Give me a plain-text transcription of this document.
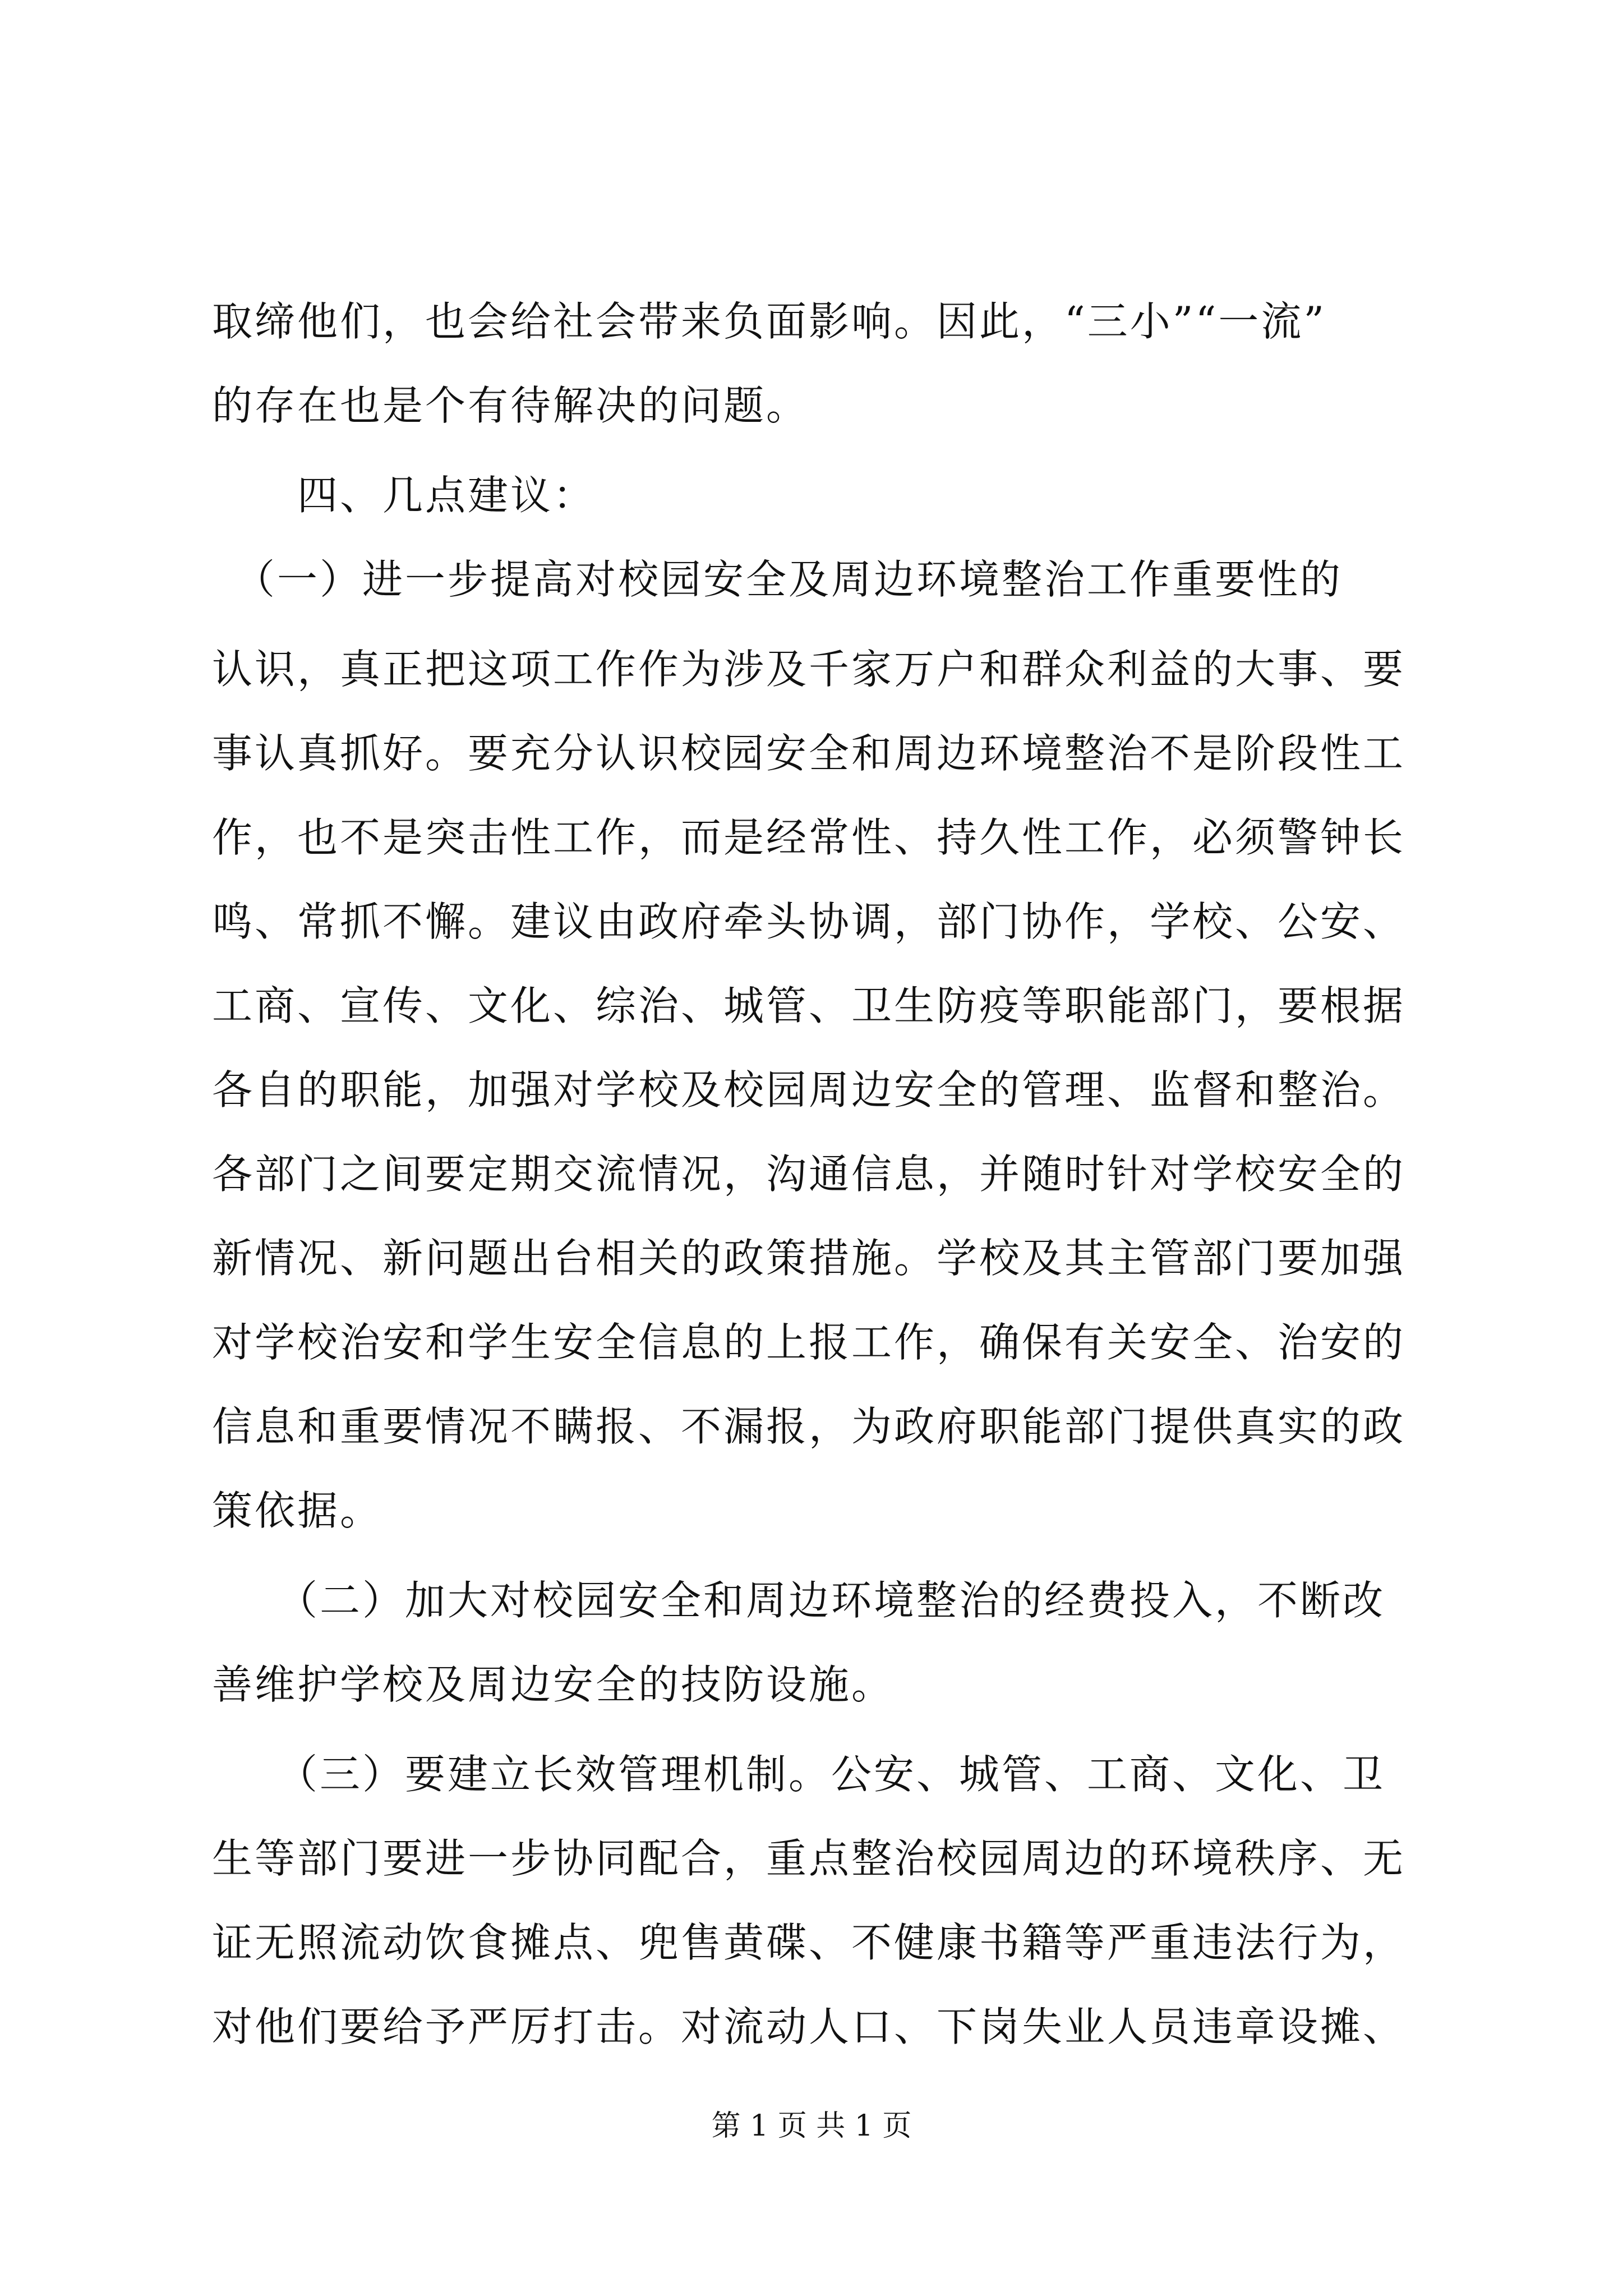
取缔他们，也会给社会带来负面影响。因此，“三小”“一流”
的存在也是个有待解决的问题。
　　四、几点建议：
　（一）进一步提高对校园安全及周边环境整治工作重要性的
认识，真正把这项工作作为涉及千家万户和群众利益的大事、要
事认真抓好。要充分认识校园安全和周边环境整治不是阶段性工
作，也不是突击性工作，而是经常性、持久性工作，必须警钟长
鸣、常抓不懈。建议由政府牵头协调，部门协作，学校、公安、
工商、宣传、文化、综治、城管、卫生防疫等职能部门，要根据
各自的职能，加强对学校及校园周边安全的管理、监督和整治。
各部门之间要定期交流情况，沟通信息，并随时针对学校安全的
新情况、新问题出台相关的政策措施。学校及其主管部门要加强
对学校治安和学生安全信息的上报工作，确保有关安全、治安的
信息和重要情况不瞒报、不漏报，为政府职能部门提供真实的政
策依据。
　　（二）加大对校园安全和周边环境整治的经费投入，不断改
善维护学校及周边安全的技防设施。
　　（三）要建立长效管理机制。公安、城管、工商、文化、卫
生等部门要进一步协同配合，重点整治校园周边的环境秩序、无
证无照流动饮食摊点、兜售黄碟、不健康书籍等严重违法行为，
对他们要给予严厉打击。对流动人口、下岗失业人员违章设摊、
第 1 页 共 1 页
